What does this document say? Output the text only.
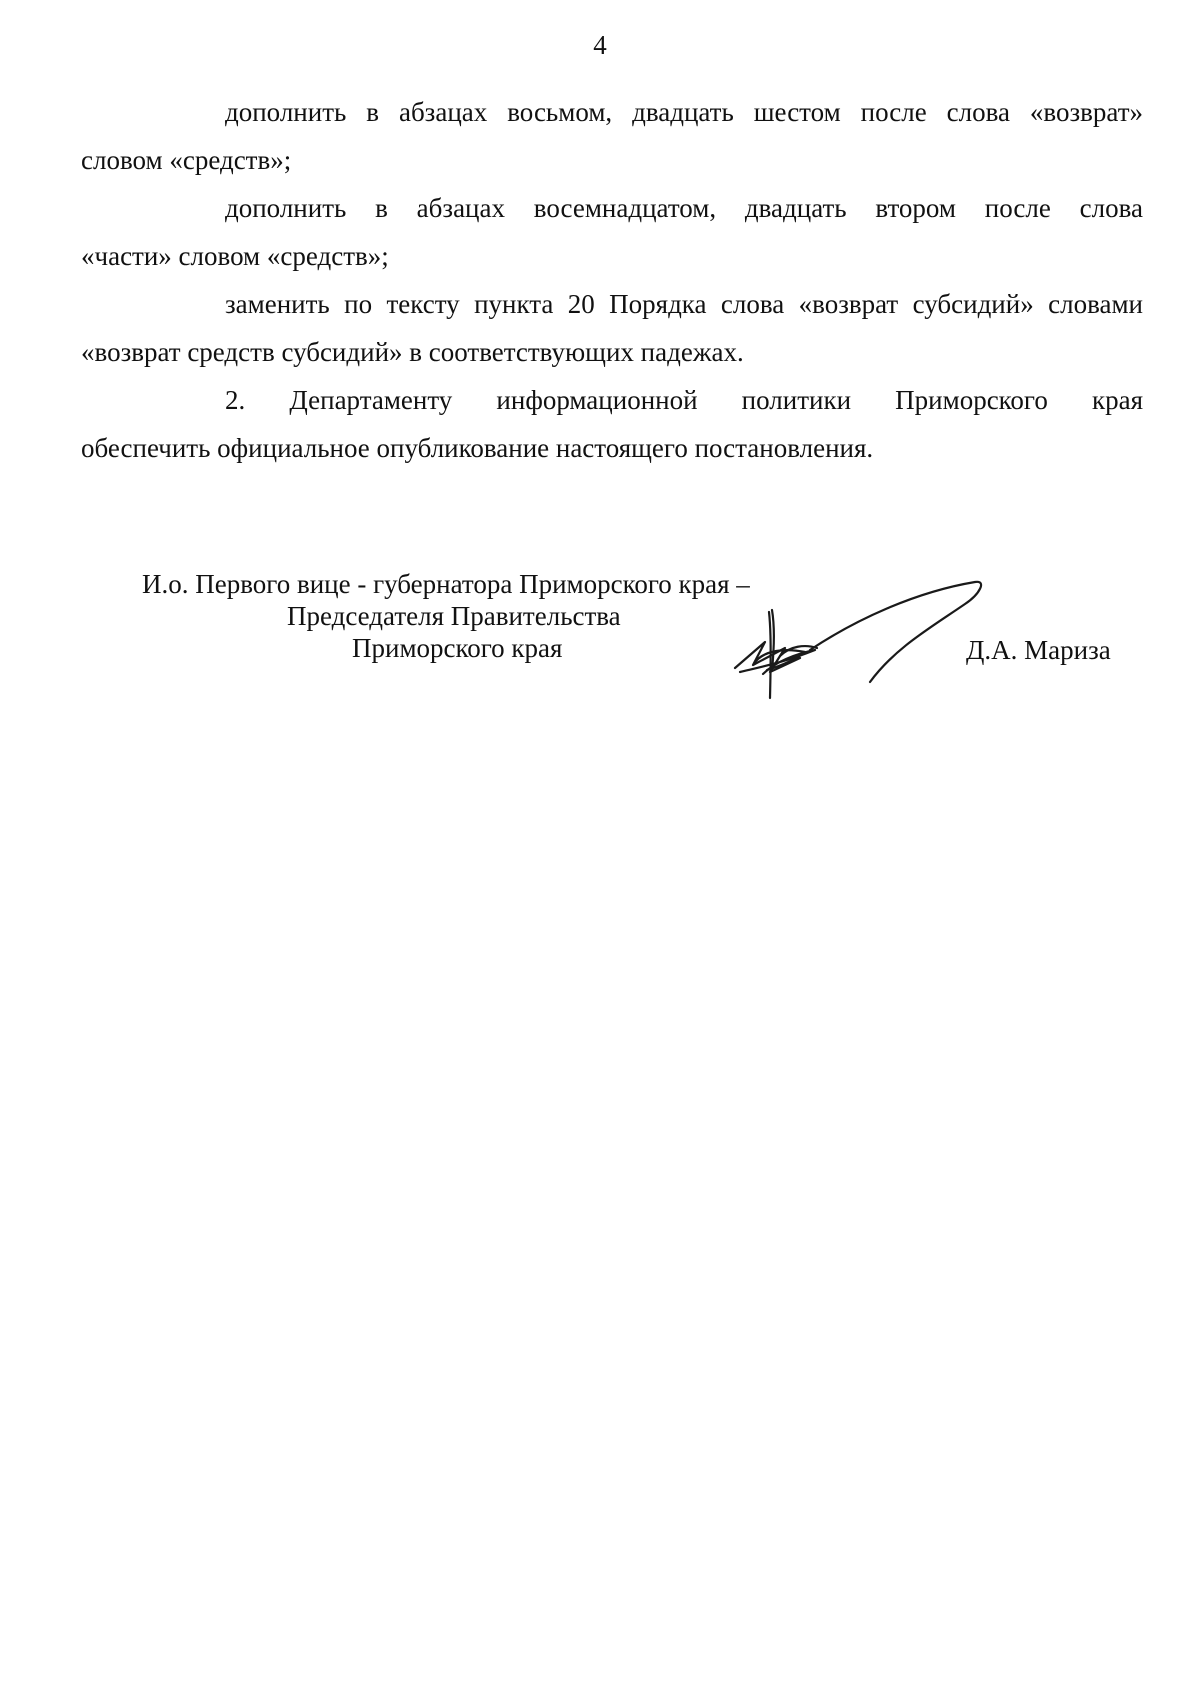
4

дополнить в абзацах восьмом, двадцать шестом после слова «возврат»
словом «средств»;

дополнить в абзацах восемнадцатом, двадцать втором после слова
«части» словом «средств»;

заменить по тексту пункта 20 Порядка слова «возврат субсидий» словами
«возврат средств субсидий» в соответствующих падежах.

2. Департаменту информационной политики Приморского края
обеспечить официальное опубликование настоящего постановления.

И.о. Первого вице - губернатора Приморского края –
Председателя Правительства
Приморского края	Д.А. Мариза
